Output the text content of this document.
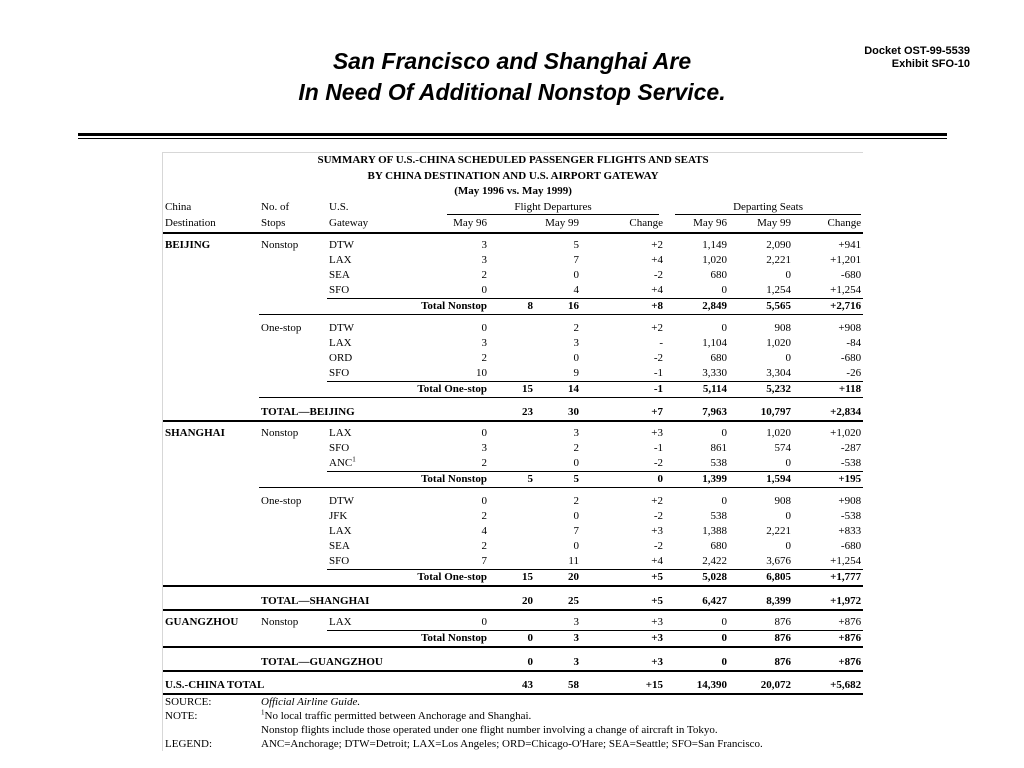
San Francisco and Shanghai Are
In Need Of Additional Nonstop Service.
Docket OST-99-5539
Exhibit SFO-10
SUMMARY OF U.S.-CHINA SCHEDULED PASSENGER FLIGHTS AND SEATS									
BY CHINA DESTINATION AND U.S. AIRPORT GATEWAY									
(May 1996 vs. May 1999)									
China	No. of	U.S.	Flight Departures				Departing Seats		

Destination	Stops	Gateway	May 96	May 99		Change	May 96	May 99	Change

BEIJING	Nonstop	DTW	3	5		+2	1,149	2,090	+941
		LAX	3	7		+4	1,020	2,221	+1,201
		SEA	2	0		-2	680	0	-680
		SFO	0	4		+4	0	1,254	+1,254
	Total Nonstop			8	16	+8	2,849	5,565	+2,716

	One-stop	DTW	0	2		+2	0	908	+908
		LAX	3	3		-	1,104	1,020	-84
		ORD	2	0		-2	680	0	-680
		SFO	10	9		-1	3,330	3,304	-26
	Total One-stop			15	14	-1	5,114	5,232	+118

	TOTAL—BEIJING			23	30	+7	7,963	10,797	+2,834

SHANGHAI	Nonstop	LAX	0	3		+3	0	1,020	+1,020
		SFO	3	2		-1	861	574	-287
		ANC$^1$	2	0		-2	538	0	-538
	Total Nonstop			5	5	0	1,399	1,594	+195

	One-stop	DTW	0	2		+2	0	908	+908
		JFK	2	0		-2	538	0	-538
		LAX	4	7		+3	1,388	2,221	+833
		SEA	2	0		-2	680	0	-680
		SFO	7	11		+4	2,422	3,676	+1,254
	Total One-stop			15	20	+5	5,028	6,805	+1,777

	TOTAL—SHANGHAI			20	25	+5	6,427	8,399	+1,972

GUANGZHOU	Nonstop	LAX	0	3		+3	0	876	+876
	Total Nonstop			0	3	+3	0	876	+876

	TOTAL—GUANGZHOU			0	3	+3	0	876	+876

U.S.-CHINA TOTAL				43	58	+15	14,390	20,072	+5,682
SOURCE:	Official Airline Guide.								
NOTE:	$^1$No local traffic permitted between Anchorage and Shanghai.								
	Nonstop flights include those operated under one flight number involving a change of aircraft in Tokyo.								
LEGEND:	ANC=Anchorage; DTW=Detroit; LAX=Los Angeles; ORD=Chicago-O'Hare; SEA=Seattle; SFO=San Francisco.								
